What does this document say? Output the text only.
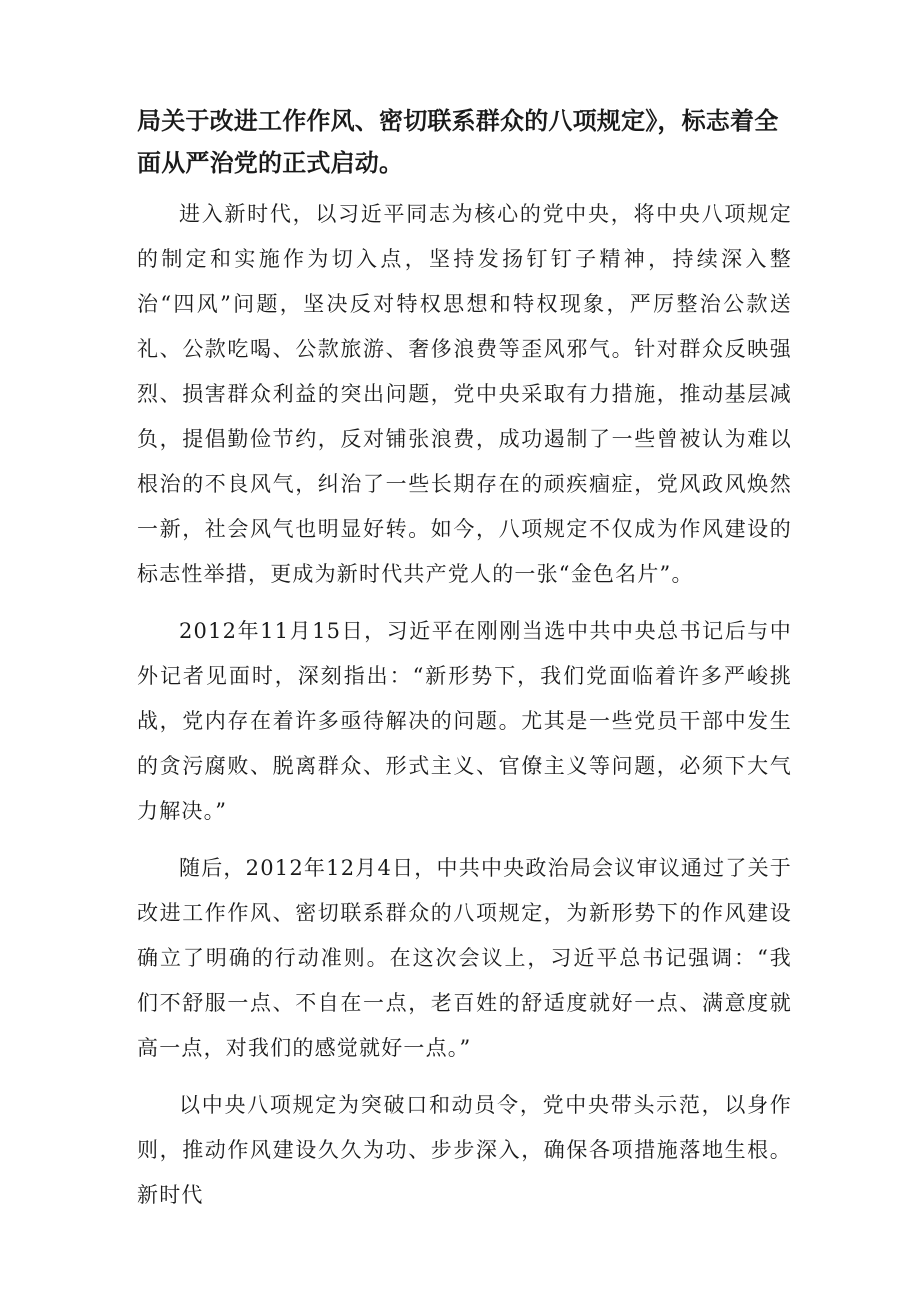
局关于改进工作作风、密切联系群众的八项规定》，标志着全面从严治党的正式启动。

进入新时代，以习近平同志为核心的党中央，将中央八项规定的制定和实施作为切入点，坚持发扬钉钉子精神，持续深入整治“四风”问题，坚决反对特权思想和特权现象，严厉整治公款送礼、公款吃喝、公款旅游、奢侈浪费等歪风邪气。针对群众反映强烈、损害群众利益的突出问题，党中央采取有力措施，推动基层减负，提倡勤俭节约，反对铺张浪费，成功遏制了一些曾被认为难以根治的不良风气，纠治了一些长期存在的顽疾痼症，党风政风焕然一新，社会风气也明显好转。如今，八项规定不仅成为作风建设的标志性举措，更成为新时代共产党人的一张“金色名片”。

2012年11月15日，习近平在刚刚当选中共中央总书记后与中外记者见面时，深刻指出：“新形势下，我们党面临着许多严峻挑战，党内存在着许多亟待解决的问题。尤其是一些党员干部中发生的贪污腐败、脱离群众、形式主义、官僚主义等问题，必须下大气力解决。”

随后，2012年12月4日，中共中央政治局会议审议通过了关于改进工作作风、密切联系群众的八项规定，为新形势下的作风建设确立了明确的行动准则。在这次会议上，习近平总书记强调：“我们不舒服一点、不自在一点，老百姓的舒适度就好一点、满意度就高一点，对我们的感觉就好一点。”

以中央八项规定为突破口和动员令，党中央带头示范，以身作则，推动作风建设久久为功、步步深入，确保各项措施落地生根。新时代
